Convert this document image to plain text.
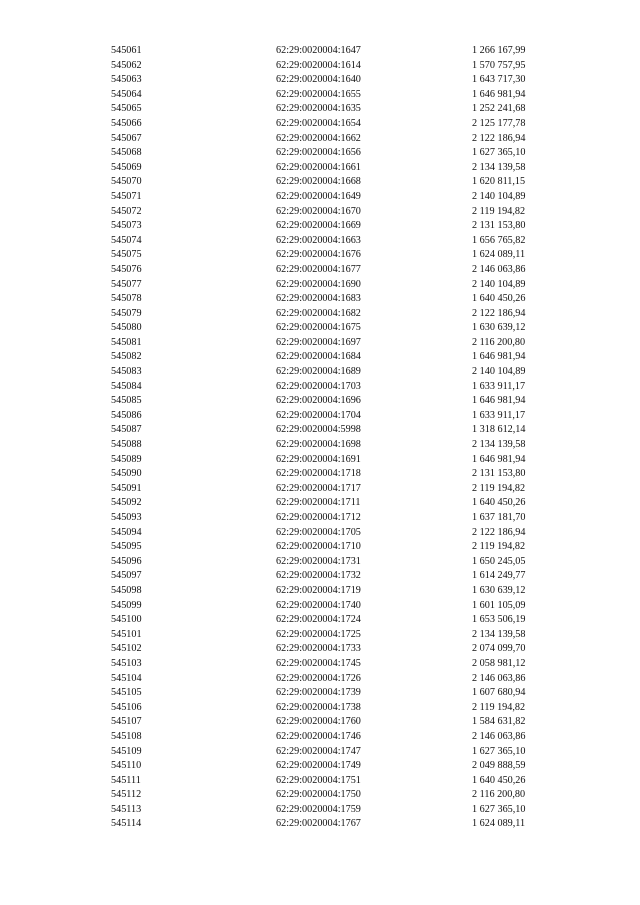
545061	62:29:0020004:1647	1 266 167,99
545062	62:29:0020004:1614	1 570 757,95
545063	62:29:0020004:1640	1 643 717,30
545064	62:29:0020004:1655	1 646 981,94
545065	62:29:0020004:1635	1 252 241,68
545066	62:29:0020004:1654	2 125 177,78
545067	62:29:0020004:1662	2 122 186,94
545068	62:29:0020004:1656	1 627 365,10
545069	62:29:0020004:1661	2 134 139,58
545070	62:29:0020004:1668	1 620 811,15
545071	62:29:0020004:1649	2 140 104,89
545072	62:29:0020004:1670	2 119 194,82
545073	62:29:0020004:1669	2 131 153,80
545074	62:29:0020004:1663	1 656 765,82
545075	62:29:0020004:1676	1 624 089,11
545076	62:29:0020004:1677	2 146 063,86
545077	62:29:0020004:1690	2 140 104,89
545078	62:29:0020004:1683	1 640 450,26
545079	62:29:0020004:1682	2 122 186,94
545080	62:29:0020004:1675	1 630 639,12
545081	62:29:0020004:1697	2 116 200,80
545082	62:29:0020004:1684	1 646 981,94
545083	62:29:0020004:1689	2 140 104,89
545084	62:29:0020004:1703	1 633 911,17
545085	62:29:0020004:1696	1 646 981,94
545086	62:29:0020004:1704	1 633 911,17
545087	62:29:0020004:5998	1 318 612,14
545088	62:29:0020004:1698	2 134 139,58
545089	62:29:0020004:1691	1 646 981,94
545090	62:29:0020004:1718	2 131 153,80
545091	62:29:0020004:1717	2 119 194,82
545092	62:29:0020004:1711	1 640 450,26
545093	62:29:0020004:1712	1 637 181,70
545094	62:29:0020004:1705	2 122 186,94
545095	62:29:0020004:1710	2 119 194,82
545096	62:29:0020004:1731	1 650 245,05
545097	62:29:0020004:1732	1 614 249,77
545098	62:29:0020004:1719	1 630 639,12
545099	62:29:0020004:1740	1 601 105,09
545100	62:29:0020004:1724	1 653 506,19
545101	62:29:0020004:1725	2 134 139,58
545102	62:29:0020004:1733	2 074 099,70
545103	62:29:0020004:1745	2 058 981,12
545104	62:29:0020004:1726	2 146 063,86
545105	62:29:0020004:1739	1 607 680,94
545106	62:29:0020004:1738	2 119 194,82
545107	62:29:0020004:1760	1 584 631,82
545108	62:29:0020004:1746	2 146 063,86
545109	62:29:0020004:1747	1 627 365,10
545110	62:29:0020004:1749	2 049 888,59
545111	62:29:0020004:1751	1 640 450,26
545112	62:29:0020004:1750	2 116 200,80
545113	62:29:0020004:1759	1 627 365,10
545114	62:29:0020004:1767	1 624 089,11
